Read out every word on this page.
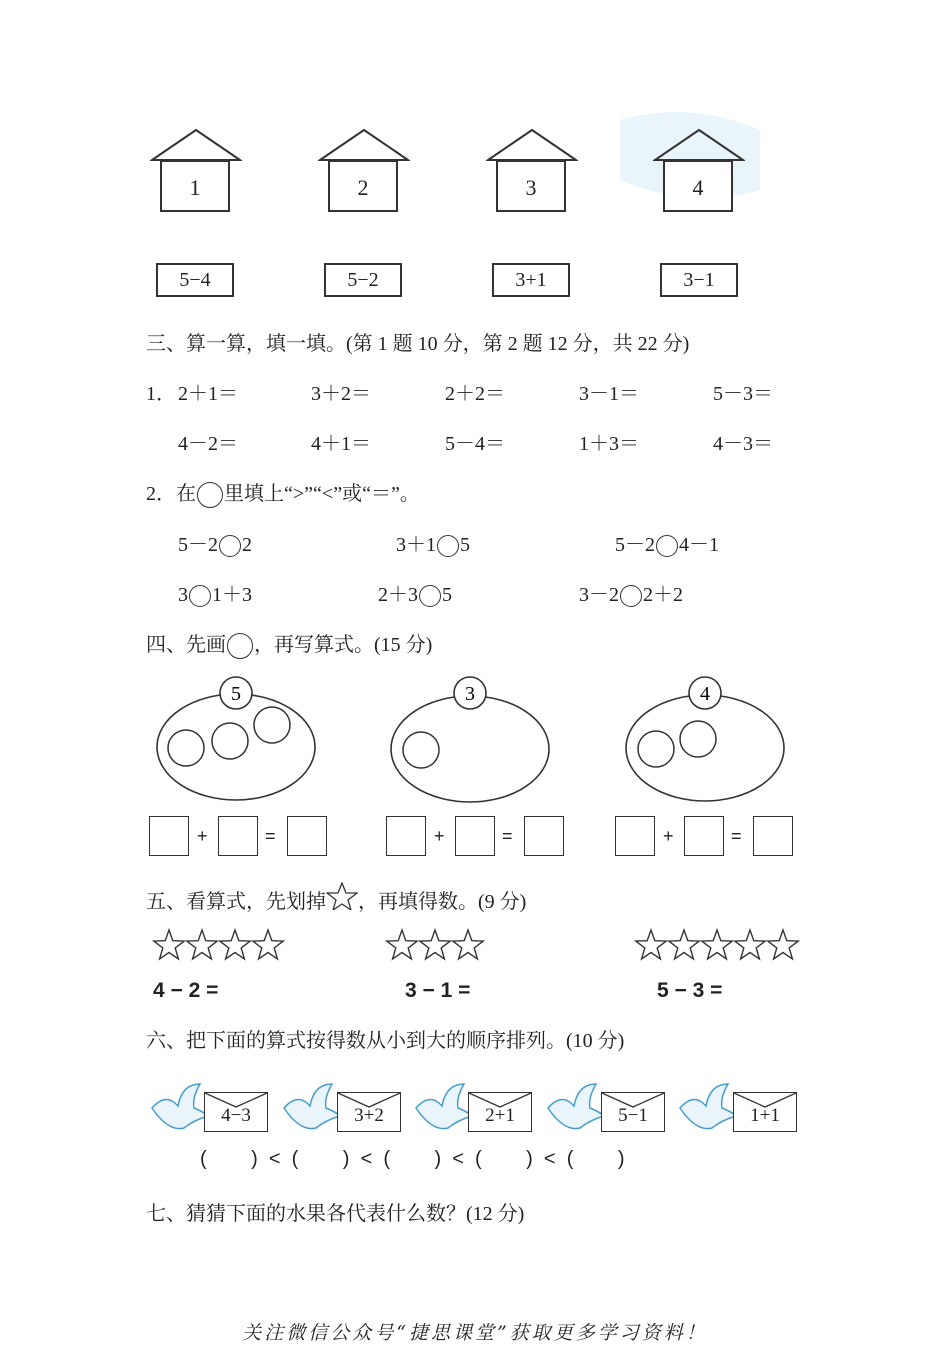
1	2	3	4
5−4	5−2	3+1	3−1
三、算一算，填一填。(第 1 题 10 分，第 2 题 12 分，共 22 分)
1． 2＋1＝	3＋2＝	2＋2＝	3－1＝	5－3＝
4－2＝	4＋1＝	5－4＝	1＋3＝	4－3＝
2．在 里填上“>”“<”或“＝”。
5－2 2	3＋1 5	5－2 4－1
3 1＋3	2＋3 5	3－2 2＋2
四、先画 ，再写算式。(15 分)
5	3	4
+	=	+	=	+	=
五、看算式，先划掉 ，再填得数。(9 分)
4 − 2 =	3 − 1 =	5 − 3 =
六、把下面的算式按得数从小到大的顺序排列。(10 分)
4−3	3+2	2+1	5−1	1+1
(        )  <  (        )  <  (        )  <  (        )  <  (        )
七、猜猜下面的水果各代表什么数？(12 分)
关注微信公众号“捷思课堂”获取更多学习资料！
